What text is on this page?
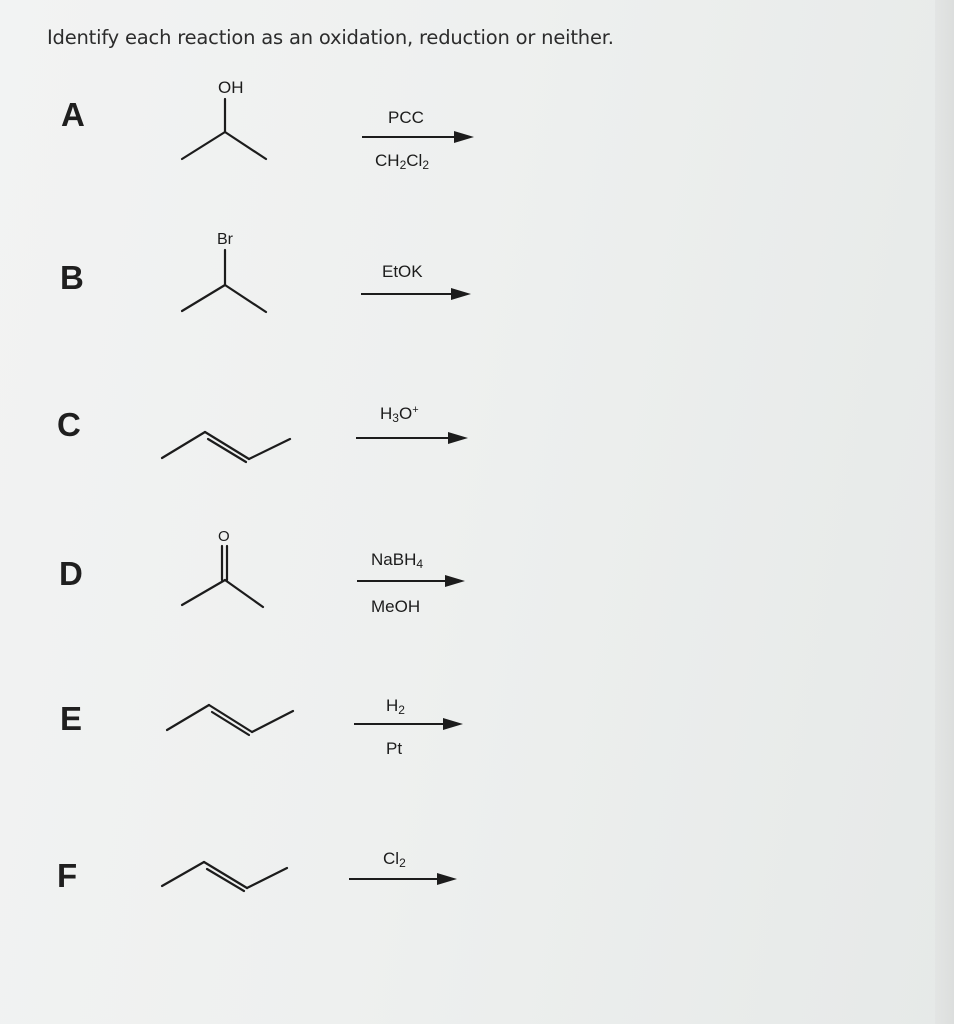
Identify each reaction as an oxidation, reduction or neither.
A
OH
PCC
$CH_2Cl_2$
B
Br
EtOK
C	$H_3O^+$
D
O
NaBH$_4$
MeOH
E	$H_2$
Pt
F	$Cl_2$
